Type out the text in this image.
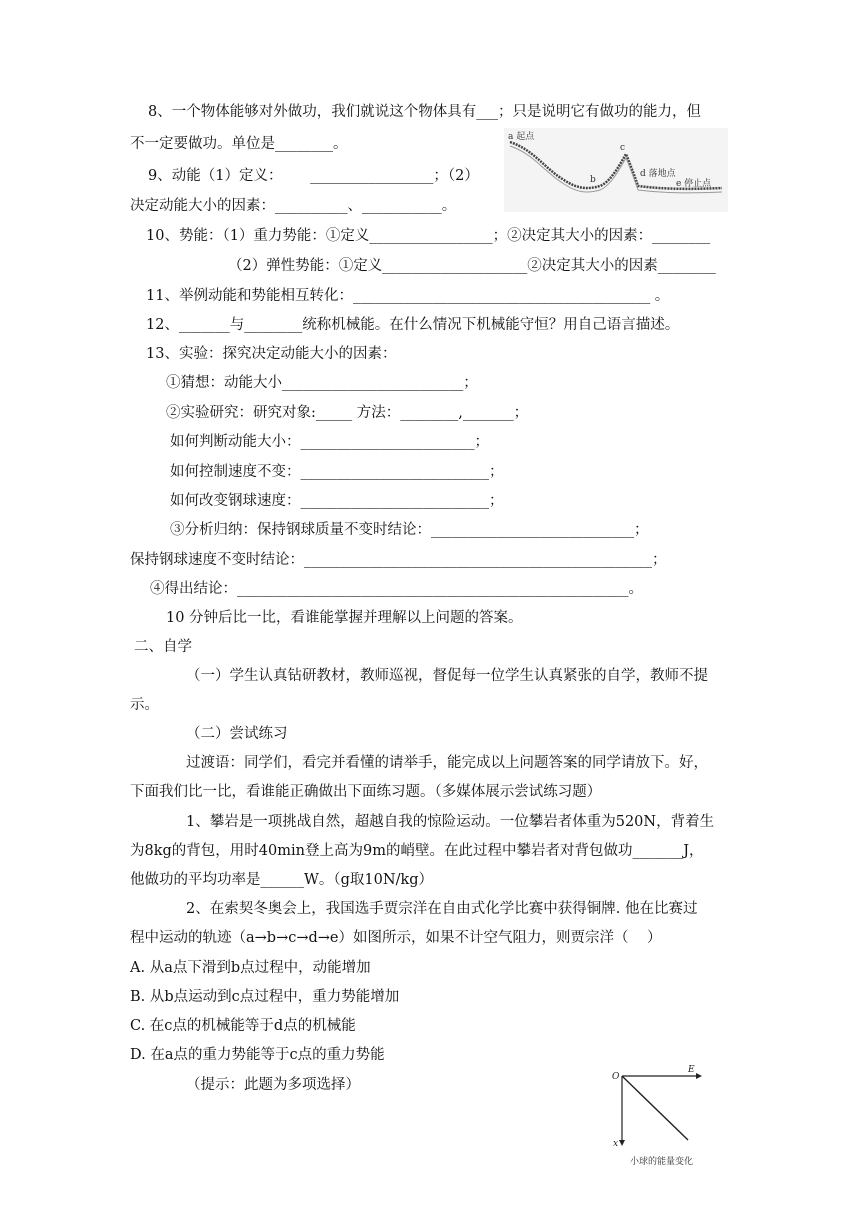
8、一个物体能够对外做功，我们就说这个物体具有___；只是说明它有做功的能力，但
不一定要做功。单位是________。
9、动能（1）定义：      _________________；（2）
决定动能大小的因素：__________、___________。
a 起点
b
c
d 落地点
e 停止点
10、势能：（1）重力势能：①定义_________________；②决定其大小的因素：________
（2）弹性势能：①定义____________________②决定其大小的因素________
11、举例动能和势能相互转化：_________________________________________ 。
12、_______与________统称机械能。在什么情况下机械能守恒？用自己语言描述。
13、实验：探究决定动能大小的因素：
①猜想：动能大小_________________________；
②实验研究：研究对象:_____ 方法：________,_______；
如何判断动能大小：________________________；
如何控制速度不变：__________________________；
如何改变钢球速度：__________________________；
③分析归纳：保持钢球质量不变时结论：____________________________；
保持钢球速度不变时结论：________________________________________________；
④得出结论：______________________________________________________。
10 分钟后比一比，看谁能掌握并理解以上问题的答案。
二、自学
（一）学生认真钻研教材，教师巡视，督促每一位学生认真紧张的自学，教师不提
示。
（二）尝试练习
过渡语：同学们，看完并看懂的请举手，能完成以上问题答案的同学请放下。好，
下面我们比一比，看谁能正确做出下面练习题。（多媒体展示尝试练习题）
1、攀岩是一项挑战自然，超越自我的惊险运动。一位攀岩者体重为520N，背着生
为8kg的背包，用时40min登上高为9m的峭壁。在此过程中攀岩者对背包做功_______J，
他做功的平均功率是______W。（g取10N/kg）
2、在索契冬奥会上，我国选手贾宗洋在自由式化学比赛中获得铜牌. 他在比赛过
程中运动的轨迹（a→b→c→d→e）如图所示，如果不计空气阻力，则贾宗洋（    ）
A. 从a点下滑到b点过程中，动能增加
B. 从b点运动到c点过程中，重力势能增加
C. 在c点的机械能等于d点的机械能
D. 在a点的重力势能等于c点的重力势能
（提示：此题为多项选择）	O
E
x
小球的能量变化
